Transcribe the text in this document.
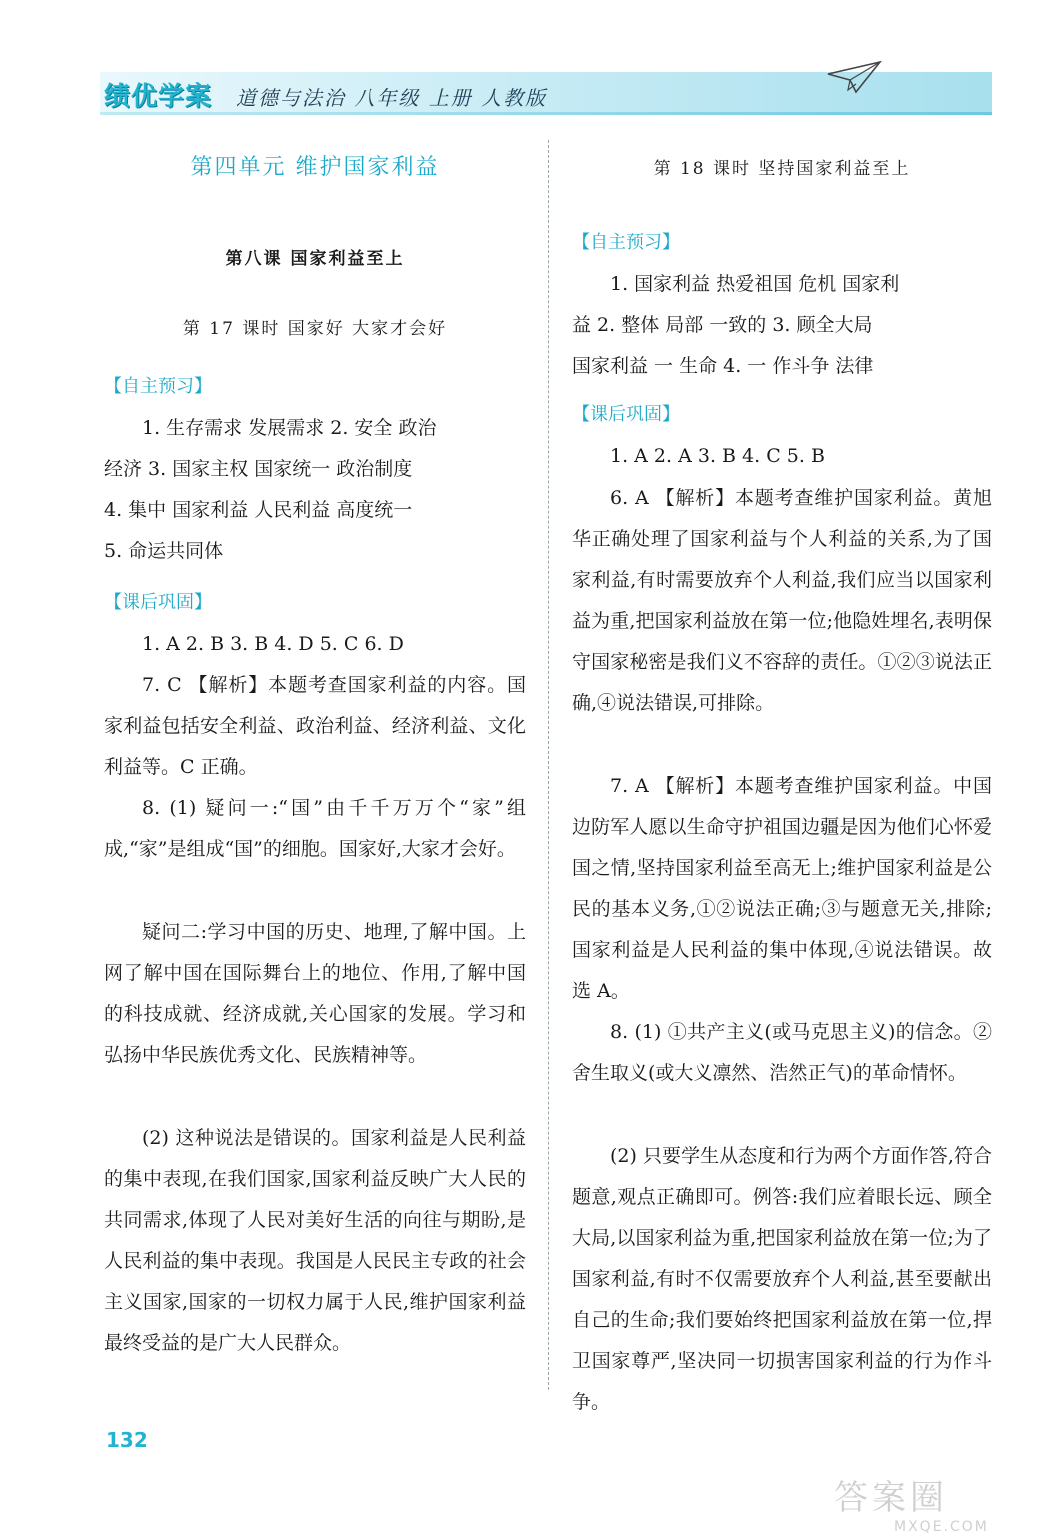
绩优学案 道德与法治 八年级 上册 人教版
第四单元 维护国家利益
第八课 国家利益至上
第 17 课时 国家好 大家才会好
【自主预习】

1. 生存需求 发展需求 2. 安全 政治
经济 3. 国家主权 国家统一 政治制度
4. 集中 国家利益 人民利益 高度统一
5. 命运共同体

【课后巩固】

1. A 2. B 3. B 4. D 5. C 6. D

7. C 【解析】本题考查国家利益的内容。国家利益包括安全利益、政治利益、经济利益、文化利益等。C 正确。

8. (1) 疑问一:“国”由千千万万个“家”组成,“家”是组成“国”的细胞。国家好,大家才会好。

疑问二:学习中国的历史、地理,了解中国。上网了解中国在国际舞台上的地位、作用,了解中国的科技成就、经济成就,关心国家的发展。学习和弘扬中华民族优秀文化、民族精神等。

(2) 这种说法是错误的。国家利益是人民利益的集中表现,在我们国家,国家利益反映广大人民的共同需求,体现了人民对美好生活的向往与期盼,是人民利益的集中表现。我国是人民民主专政的社会主义国家,国家的一切权力属于人民,维护国家利益最终受益的是广大人民群众。

第 18 课时 坚持国家利益至上
【自主预习】

1. 国家利益 热爱祖国 危机 国家利
益 2. 整体 局部 一致的 3. 顾全大局
国家利益 一 生命 4. 一 作斗争 法律

【课后巩固】

1. A 2. A 3. B 4. C 5. B

6. A 【解析】本题考查维护国家利益。黄旭华正确处理了国家利益与个人利益的关系,为了国家利益,有时需要放弃个人利益,我们应当以国家利益为重,把国家利益放在第一位;他隐姓埋名,表明保守国家秘密是我们义不容辞的责任。①②③说法正确,④说法错误,可排除。

7. A 【解析】本题考查维护国家利益。中国边防军人愿以生命守护祖国边疆是因为他们心怀爱国之情,坚持国家利益至高无上;维护国家利益是公民的基本义务,①②说法正确;③与题意无关,排除;国家利益是人民利益的集中体现,④说法错误。故选 A。

8. (1) ①共产主义(或马克思主义)的信念。②舍生取义(或大义凛然、浩然正气)的革命情怀。

(2) 只要学生从态度和行为两个方面作答,符合题意,观点正确即可。例答:我们应着眼长远、顾全大局,以国家利益为重,把国家利益放在第一位;为了国家利益,有时不仅需要放弃个人利益,甚至要献出自己的生命;我们要始终把国家利益放在第一位,捍卫国家尊严,坚决同一切损害国家利益的行为作斗争。

132
答案圈
MXQE.COM
